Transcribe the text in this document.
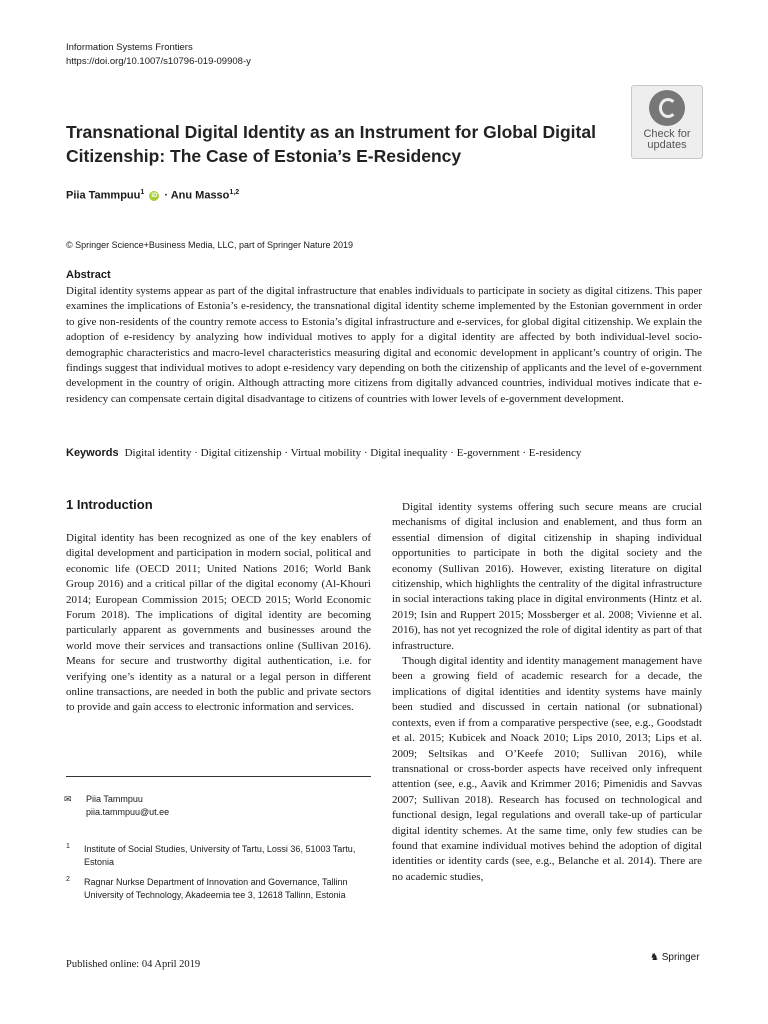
Information Systems Frontiers
https://doi.org/10.1007/s10796-019-09908-y
Check for
updates
Transnational Digital Identity as an Instrument for Global Digital Citizenship: The Case of Estonia’s E-Residency
Piia Tammpuu$^1$ iD · Anu Masso$^{1,2}$
© Springer Science+Business Media, LLC, part of Springer Nature 2019
Abstract

Digital identity systems appear as part of the digital infrastructure that enables individuals to participate in society as digital citizens. This paper examines the implications of Estonia’s e-residency, the transnational digital identity scheme implemented by the Estonian government in order to give non-residents of the country remote access to Estonia’s digital infrastructure and e-services, for global digital citizenship. We explain the adoption of e-residency by analyzing how individual motives to apply for a digital identity are affected by both individual-level socio-demographic characteristics and macro-level characteristics measuring digital and economic development in applicant’s country of origin. The findings suggest that individual motives to adopt e-residency vary depending on both the citizenship of applicants and the level of e-government development in the country of origin. Although attracting more citizens from digitally advanced countries, individual motives indicate that e-residency can compensate certain digital disadvantage to citizens of countries with lower levels of e-government development.

Keywords Digital identity · Digital citizenship · Virtual mobility · Digital inequality · E-government · E-residency
1 Introduction

Digital identity has been recognized as one of the key enablers of digital development and participation in modern social, political and economic life (OECD 2011; United Nations 2016; World Bank Group 2016) and a critical pillar of the digital economy (Al-Khouri 2014; European Commission 2015; OECD 2015; World Economic Forum 2018). The implications of digital identity are becoming particularly apparent as governments and businesses around the world move their services and transactions online (Sullivan 2016). Means for secure and trustworthy digital authentication, i.e. for verifying one’s identity as a natural or a legal person in different online transactions, are needed in both the public and private sectors to provide and gain access to electronic information and services.

Digital identity systems offering such secure means are crucial mechanisms of digital inclusion and enablement, and thus form an essential dimension of digital citizenship in shaping individual opportunities to participate in both the digital society and the economy (Sullivan 2016). However, existing literature on digital citizenship, which highlights the centrality of the digital infrastructure in social interactions taking place in digital environments (Hintz et al. 2019; Isin and Ruppert 2015; Mossberger et al. 2008; Vivienne et al. 2016), has not yet recognized the role of digital identity as part of that infrastructure.

Though digital identity and identity management management have been a growing field of academic research for a decade, the implications of digital identities and identity systems have mainly been studied and discussed in certain national (or subnational) contexts, even if from a comparative perspective (see, e.g., Goodstadt et al. 2015; Kubicek and Noack 2010; Lips 2010, 2013; Lips et al. 2009; Seltsikas and O’Keefe 2010; Sullivan 2016), while transnational or cross-border aspects have received only infrequent attention (see, e.g., Aavik and Krimmer 2016; Pimenidis and Savvas 2007; Sullivan 2018). Research has focused on technological and functional design, legal regulations and overall take-up of particular digital identity schemes. At the same time, only few studies can be found that examine individual motives behind the adoption of digital identities or identity cards (see, e.g., Belanche et al. 2014). There are no academic studies,

✉ Piia Tammpuu
piia.tammpuu@ut.ee
1 Institute of Social Studies, University of Tartu, Lossi 36, 51003 Tartu, Estonia
2 Ragnar Nurkse Department of Innovation and Governance, Tallinn University of Technology, Akadeemia tee 3, 12618 Tallinn, Estonia
Published online: 04 April 2019
♞ Springer
